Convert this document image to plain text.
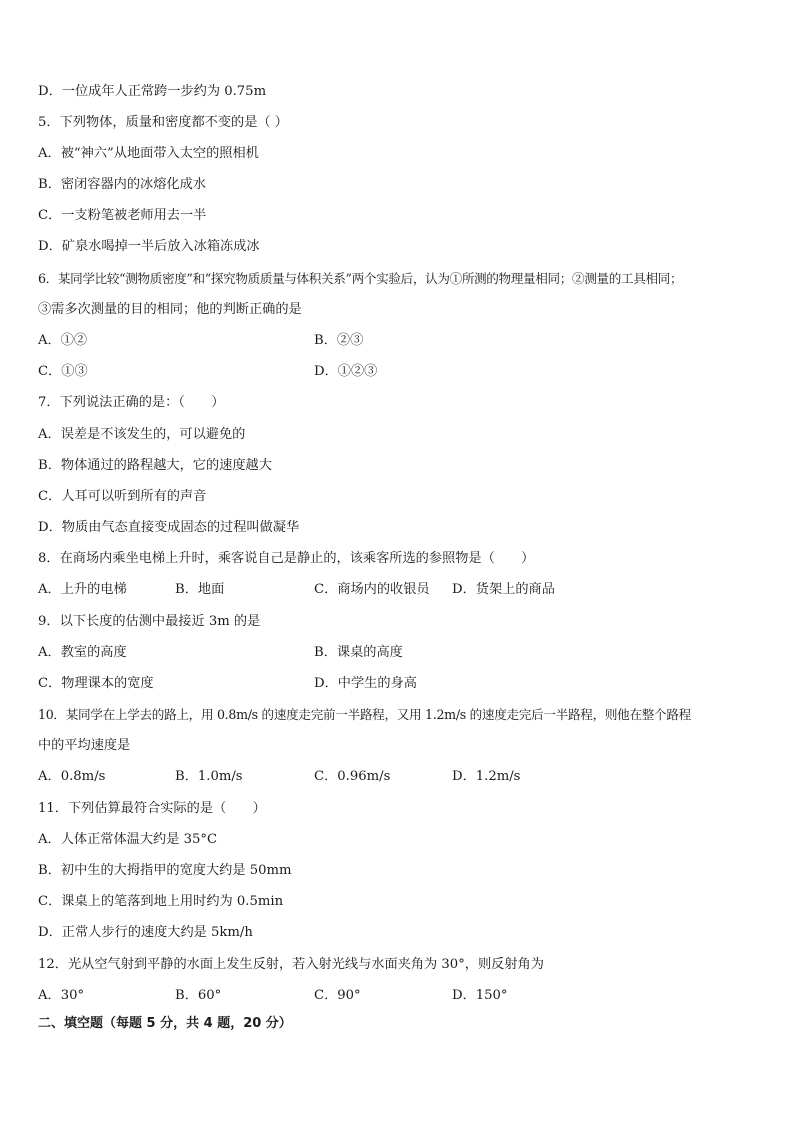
D．一位成年人正常跨一步约为 0.75m
5．下列物体，质量和密度都不变的是（ ）
A．被“神六”从地面带入太空的照相机
B．密闭容器内的冰熔化成水
C．一支粉笔被老师用去一半
D．矿泉水喝掉一半后放入冰箱冻成冰
6．某同学比较“测物质密度”和“探究物质质量与体积关系”两个实验后，认为①所测的物理量相同；②测量的工具相同；
③需多次测量的目的相同；他的判断正确的是
A．①②	B．②③
C．①③	D．①②③
7．下列说法正确的是：（　　）
A．误差是不该发生的，可以避免的
B．物体通过的路程越大，它的速度越大
C．人耳可以听到所有的声音
D．物质由气态直接变成固态的过程叫做凝华
8．在商场内乘坐电梯上升时，乘客说自己是静止的，该乘客所选的参照物是（　　）
A．上升的电梯	B．地面	C．商场内的收银员 D．货架上的商品
9．以下长度的估测中最接近 3m 的是
A．教室的高度	B．课桌的高度
C．物理课本的宽度	D．中学生的身高
10．某同学在上学去的路上，用 0.8m/s 的速度走完前一半路程，又用 1.2m/s 的速度走完后一半路程，则他在整个路程
中的平均速度是
A．0.8m/s	B．1.0m/s	C．0.96m/s	D．1.2m/s
11．下列估算最符合实际的是（　　）
A．人体正常体温大约是 35°C
B．初中生的大拇指甲的宽度大约是 50mm
C．课桌上的笔落到地上用时约为 0.5min
D．正常人步行的速度大约是 5km/h
12．光从空气射到平静的水面上发生反射，若入射光线与水面夹角为 30°，则反射角为
A．30°	B．60°	C．90°	D．150°
二、填空题（每题 5 分，共 4 题，20 分）
